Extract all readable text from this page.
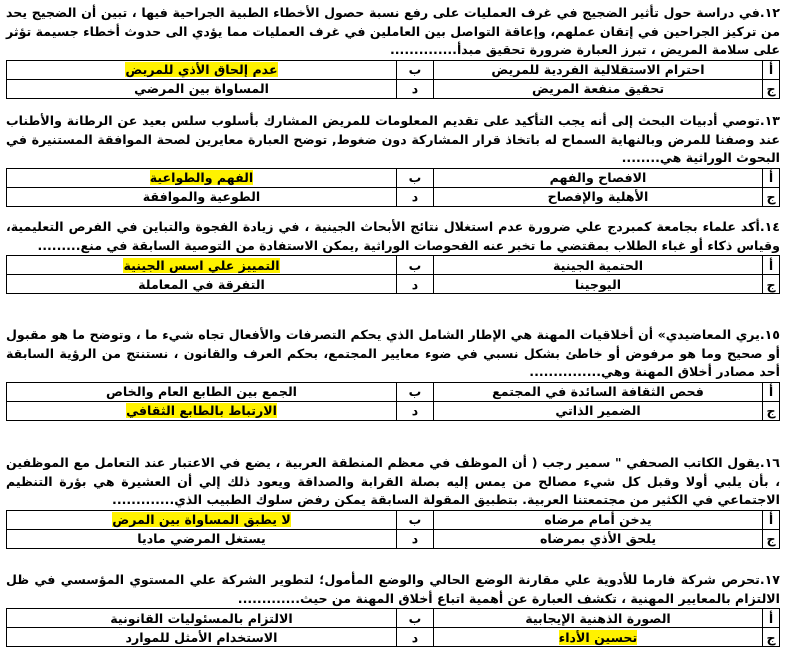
١٢.في دراسة حول تأثير الضجيج في غرف العمليات على رفع نسبة حصول الأخطاء الطبية الجراحية فيها ، تبين أن الضجيج يحد من تركيز الجراحين في إتقان عملهم، وإعاقة التواصل بين العاملين في غرف العمليات مما يؤدي الى حدوث أخطاء جسيمة تؤثر على سلامة المريض ، تبرز العبارة ضرورة تحقيق مبدأ..............
أ	احترام الاستقلالية الفردية للمريض	ب	عدم إلحاق الأذي للمريض
ج	تحقيق منفعة المريض	د	المساواة بين المرضي
١٣.توصي أدبيات البحث إلى أنه يجب التأكيد على تقديم المعلومات للمريض المشارك بأسلوب سلس بعيد عن الرطانة والأطناب عند وصفنا للمرض وبالنهاية السماح له باتخاذ قرار المشاركة دون ضغوط, توضح العبارة معايرين لصحة الموافقة المستنيرة في البحوث الوراثية هي........
أ	الافصاح والفهم	ب	الفهم والطواعية
ج	الأهلية والإفصاح	د	الطوعية والموافقة
١٤.أكد علماء بجامعة كمبردج علي ضرورة عدم استغلال نتائج الأبحاث الجينية ، في زيادة الفجوة والتباين في الفرص التعليمية، وقياس ذكاء أو غباء الطلاب بمقتضي ما تخبر عنه الفحوصات الوراثية ,يمكن الاستفادة من التوصية السابقة في منع.........
أ	الحتمية الجينية	ب	التمييز علي اسس الجينية
ج	اليوجينا	د	التفرقة في المعاملة
١٥.يري المعاضيدي» أن أخلاقيات المهنة هي الإطار الشامل الذي يحكم التصرفات والأفعال تجاه شيء ما ، وتوضح ما هو مقبول أو صحيح وما هو مرفوض أو خاطئ بشكل نسبي في ضوء معايير المجتمع، بحكم العرف والقانون ، نستنتج من الرؤية السابقة أحد مصادر أخلاق المهنة وهي...............
أ	فحص الثقافة السائدة في المجتمع	ب	الجمع بين الطابع العام والخاص
ج	الضمير الذاتي	د	الارتباط بالطابع الثقافي
١٦.يقول الكاتب الصحفي " سمير رجب ( أن الموظف في معظم المنطقة العربية ، يضع في الاعتبار عند التعامل مع الموظفين ، بأن يلبي أولا وقبل كل شيء مصالح من يمس إليه بصلة القرابة والصداقة ويعود ذلك إلي أن العشيرة هي بؤرة التنظيم الاجتماعي في الكثير من مجتمعتنا العربية. بتطبيق المقولة السابقة يمكن رفض سلوك الطبيب الذي.............
أ	يدخن أمام مرضاه	ب	لا يطبق المساواة بين المرض
ج	يلحق الأذي بمرضاه	د	يستغل المرضي ماديا
١٧.تحرص شركة فارما للأدوية علي مقارنة الوضع الحالي والوضع المأمول؛ لتطوير الشركة علي المستوي المؤسسي في ظل الالتزام بالمعايير المهنية ، تكشف العبارة عن أهمية اتباع أخلاق المهنة من حيث.............
أ	الصورة الذهنية الإيجابية	ب	الالتزام بالمسئوليات القانونية
ج	تحسين الأداء	د	الاستخدام الأمثل للموارد
